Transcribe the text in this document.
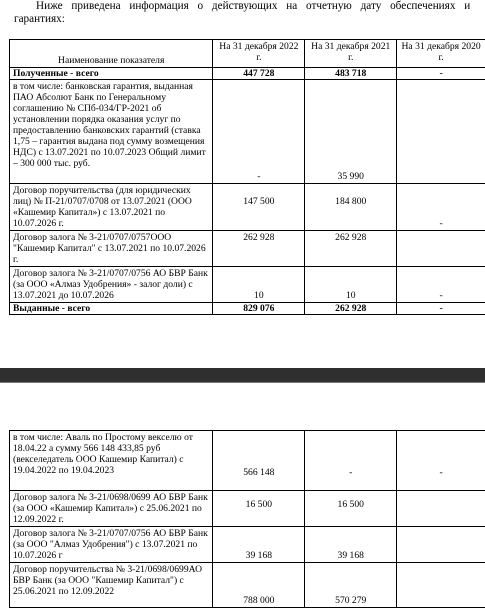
Ниже приведена информация о действующих на отчетную дату обеспечениях и
гарантиях:
Наименование показателя	На 31 декабря 2022 г.	На 31 декабря 2021 г.	На 31 декабря 2020 г.
Полученные - всего	447 728	483 718	-
в том числе: банковская гарантия, выданная ПАО Абсолют Банк по Генеральному соглашению № СПб-034/ГР-2021 об установлении порядка оказания услуг по предоставлению банковских гарантий (ставка 1,75 – гарантия выдана под сумму возмещения НДС) с 13.07.2021 по 10.07.2023 Общий лимит – 300 000 тыс. руб.	-	35 990	
Договор поручительства (для юридических лиц) № П-21/0707/0708 от 13.07.2021 (ООО «Кашемир Капитал») с 13.07.2021 по 10.07.2026 г.	147 500	184 800	-
Договор залога № 3-21/0707/0757ООО "Кашемир Капитал" с 13.07.2021 по 10.07.2026 г.	262 928	262 928	
Договор залога № 3-21/0707/0756 АО БВР Банк (за ООО «Алмаз Удобрения» - залог доли) с 13.07.2021 до 10.07.2026	10	10	-
Выданные - всего	829 076	262 928	-
в том числе: Аваль по Простому векселю от 18.04.22 а сумму 566 148 433,85 руб (векселедатель ООО Кашемир Капитал) с 19.04.2022 по 19.04.2023	566 148	-	-
Договор залога № 3-21/0698/0699 АО БВР Банк (за ООО «Кашемир Капитал») с 25.06.2021 по 12.09.2022 г.	16 500	16 500	
Договор залога № 3-21/0707/0756 АО БВР Банк (за ООО "Алмаз Удобрения") с 13.07.2021 по 10.07.2026 г	39 168	39 168	
Договор поручительства № 3-21/0698/0699АО БВР Банк (за ООО "Кашемир Капитал") с 25.06.2021 по 12.09.2022	788 000	570 279	
